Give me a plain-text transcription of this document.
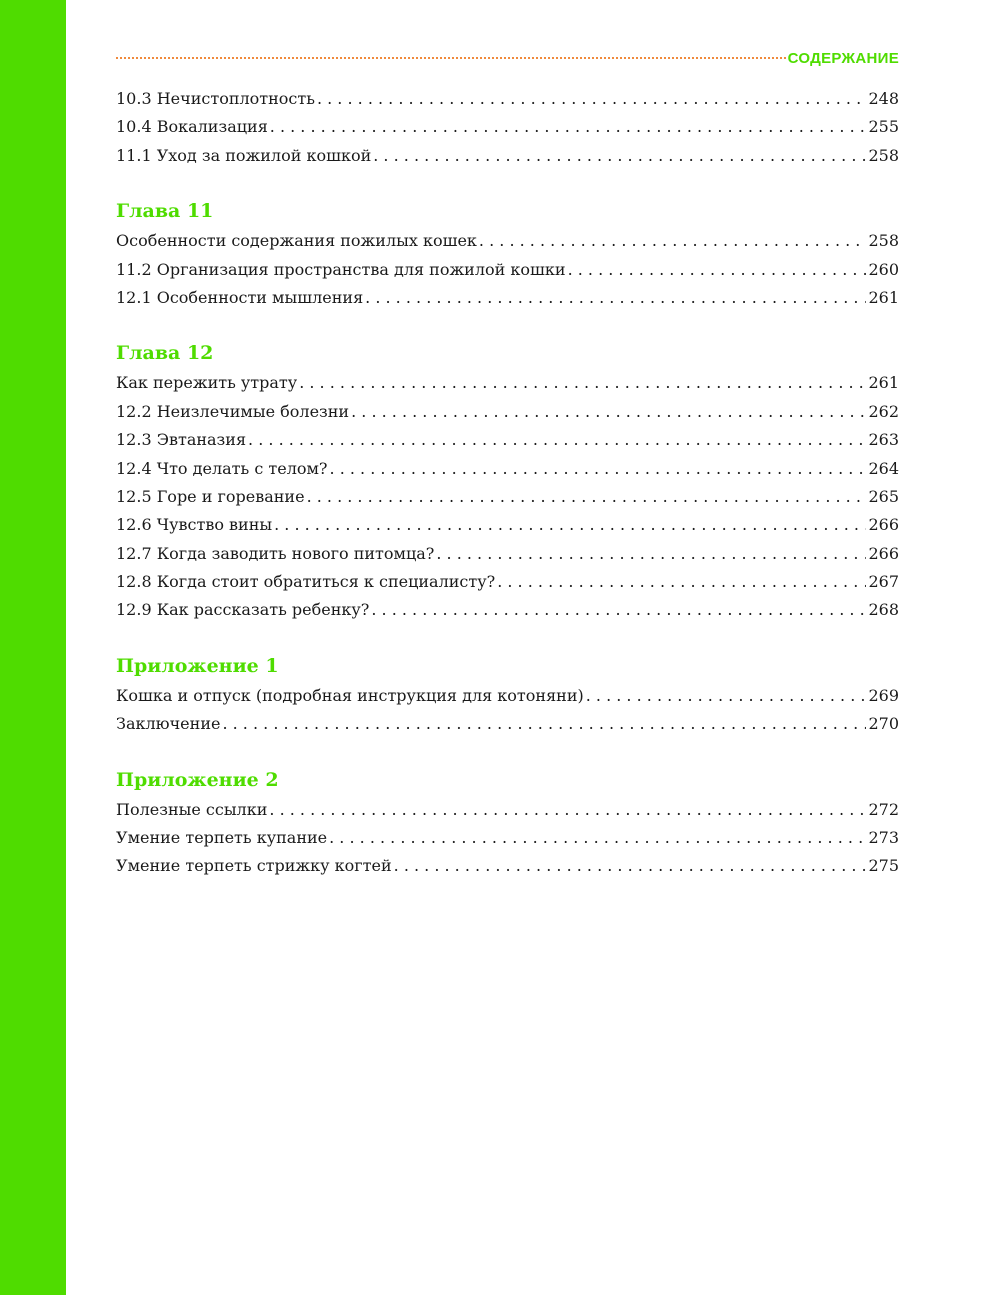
СОДЕРЖАНИЕ
10.3 Нечистоплотность . . .	248
10.4 Вокализация . . .	255
11.1 Уход за пожилой кошкой . . .	258
Глава 11
Особенности содержания пожилых кошек . . .	258
11.2 Организация пространства для пожилой кошки . . .	260
12.1 Особенности мышления . . .	261
Глава 12
Как пережить утрату . . .	261
12.2 Неизлечимые болезни . . .	262
12.3 Эвтаназия . . .	263
12.4 Что делать с телом? . . .	264
12.5 Горе и горевание . . .	265
12.6 Чувство вины . . .	266
12.7 Когда заводить нового питомца? . . .	266
12.8 Когда стоит обратиться к специалисту? . . .	267
12.9 Как рассказать ребенку? . . .	268
Приложение 1
Кошка и отпуск (подробная инструкция для котоняни) . . .	269
Заключение . . .	270
Приложение 2
Полезные ссылки . . .	272
Умение терпеть купание . . .	273
Умение терпеть стрижку когтей . . .	275
